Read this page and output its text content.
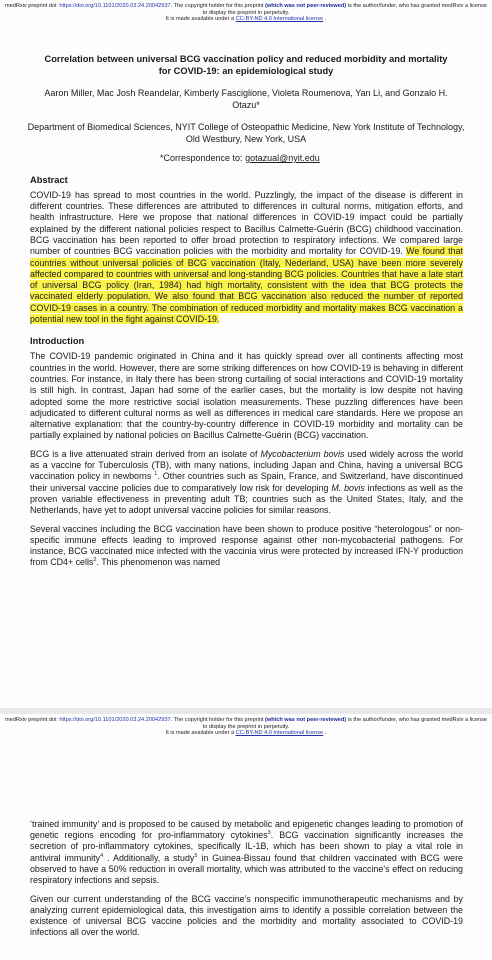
medRxiv preprint doi: https://doi.org/10.1101/2020.03.24.20042937. The copyright holder for this preprint (which was not peer-reviewed) is the author/funder, who has granted medRxiv a license to display the preprint in perpetuity.
It is made available under a CC-BY-ND 4.0 International license .
Correlation between universal BCG vaccination policy and reduced morbidity and mortality for COVID-19: an epidemiological study
Aaron Miller, Mac Josh Reandelar, Kimberly Fasciglione, Violeta Roumenova, Yan Li, and Gonzalo H. Otazu*
Department of Biomedical Sciences, NYIT College of Osteopathic Medicine, New York Institute of Technology, Old Westbury, New York, USA
*Correspondence to: gotazual@nyit.edu
Abstract

COVID-19 has spread to most countries in the world. Puzzlingly, the impact of the disease is different in different countries. These differences are attributed to differences in cultural norms, mitigation efforts, and health infrastructure. Here we propose that national differences in COVID-19 impact could be partially explained by the different national policies respect to Bacillus Calmette-Guérin (BCG) childhood vaccination. BCG vaccination has been reported to offer broad protection to respiratory infections. We compared large number of countries BCG vaccination policies with the morbidity and mortality for COVID-19. We found that countries without universal policies of BCG vaccination (Italy, Nederland, USA) have been more severely affected compared to countries with universal and long-standing BCG policies. Countries that have a late start of universal BCG policy (Iran, 1984) had high mortality, consistent with the idea that BCG protects the vaccinated elderly population. We also found that BCG vaccination also reduced the number of reported COVID-19 cases in a country. The combination of reduced morbidity and mortality makes BCG vaccination a potential new tool in the fight against COVID-19.

Introduction

The COVID-19 pandemic originated in China and it has quickly spread over all continents affecting most countries in the world. However, there are some striking differences on how COVID-19 is behaving in different countries. For instance, in Italy there has been strong curtailing of social interactions and COVID-19 mortality is still high. In contrast, Japan had some of the earlier cases, but the mortality is low despite not having adopted some the more restrictive social isolation measurements. These puzzling differences have been adjudicated to different cultural norms as well as differences in medical care standards. Here we propose an alternative explanation: that the country-by-country difference in COVID-19 morbidity and mortality can be partially explained by national policies on Bacillus Calmette-Guérin (BCG) vaccination.

BCG is a live attenuated strain derived from an isolate of Mycobacterium bovis used widely across the world as a vaccine for Tuberculosis (TB), with many nations, including Japan and China, having a universal BCG vaccination policy in newborns $^1$. Other countries such as Spain, France, and Switzerland, have discontinued their universal vaccine policies due to comparatively low risk for developing M. bovis infections as well as the proven variable effectiveness in preventing adult TB; countries such as the United States, Italy, and the Netherlands, have yet to adopt universal vaccine policies for similar reasons.

Several vaccines including the BCG vaccination have been shown to produce positive “heterologous” or non-specific immune effects leading to improved response against other non-mycobacterial pathogens. For instance, BCG vaccinated mice infected with the vaccinia virus were protected by increased IFN-Y production from CD4+ cells$^2$. This phenomenon was named

medRxiv preprint doi: https://doi.org/10.1101/2020.03.24.20042937. The copyright holder for this preprint (which was not peer-reviewed) is the author/funder, who has granted medRxiv a license to display the preprint in perpetuity.
It is made available under a CC-BY-ND 4.0 International license .

‘trained immunity’ and is proposed to be caused by metabolic and epigenetic changes leading to promotion of genetic regions encoding for pro-inflammatory cytokines$^3$. BCG vaccination significantly increases the secretion of pro-inflammatory cytokines, specifically IL-1B, which has been shown to play a vital role in antiviral immunity$^4$ . Additionally, a study$^5$ in Guinea-Bissau found that children vaccinated with BCG were observed to have a 50% reduction in overall mortality, which was attributed to the vaccine’s effect on reducing respiratory infections and sepsis.

Given our current understanding of the BCG vaccine’s nonspecific immunotherapeutic mechanisms and by analyzing current epidemiological data, this investigation aims to identify a possible correlation between the existence of universal BCG vaccine policies and the morbidity and mortality associated to COVID-19 infections all over the world.
